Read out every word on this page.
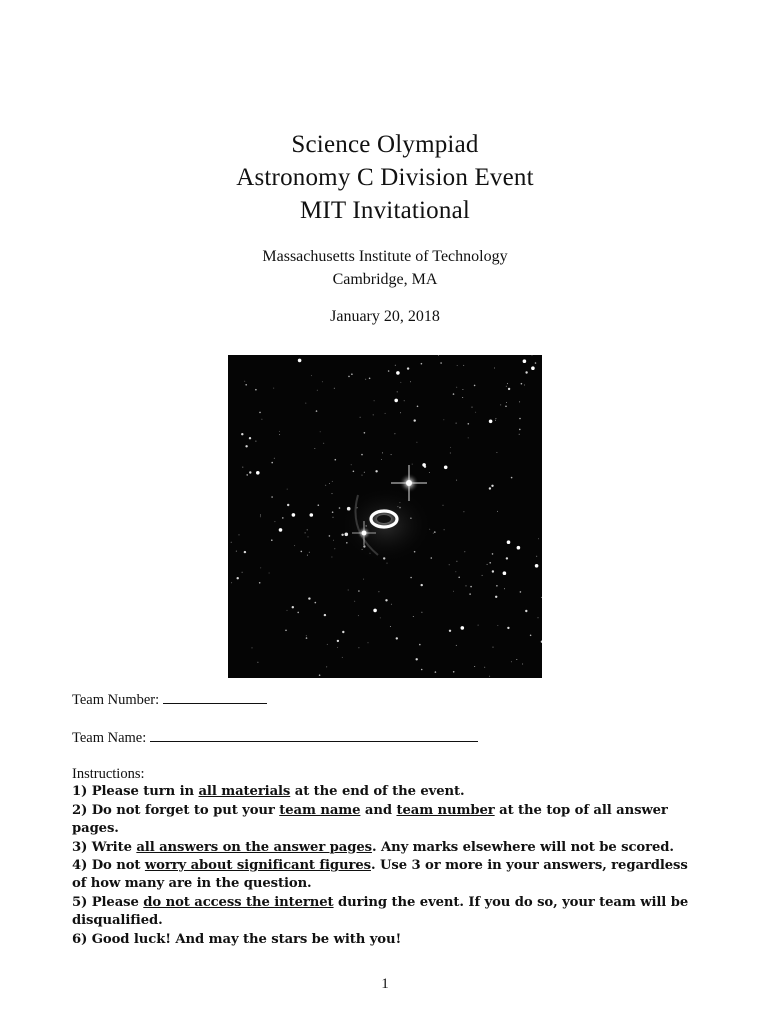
Science Olympiad
Astronomy C Division Event
MIT Invitational
Massachusetts Institute of Technology
Cambridge, MA
January 20, 2018
Team Number:
Team Name:
Instructions:
1) Please turn in all materials at the end of the event.
2) Do not forget to put your team name and team number at the top of all answer pages.
3) Write all answers on the answer pages. Any marks elsewhere will not be scored.
4) Do not worry about significant figures. Use 3 or more in your answers, regardless of how many are in the question.
5) Please do not access the internet during the event. If you do so, your team will be disqualified.
6) Good luck! And may the stars be with you!
1
